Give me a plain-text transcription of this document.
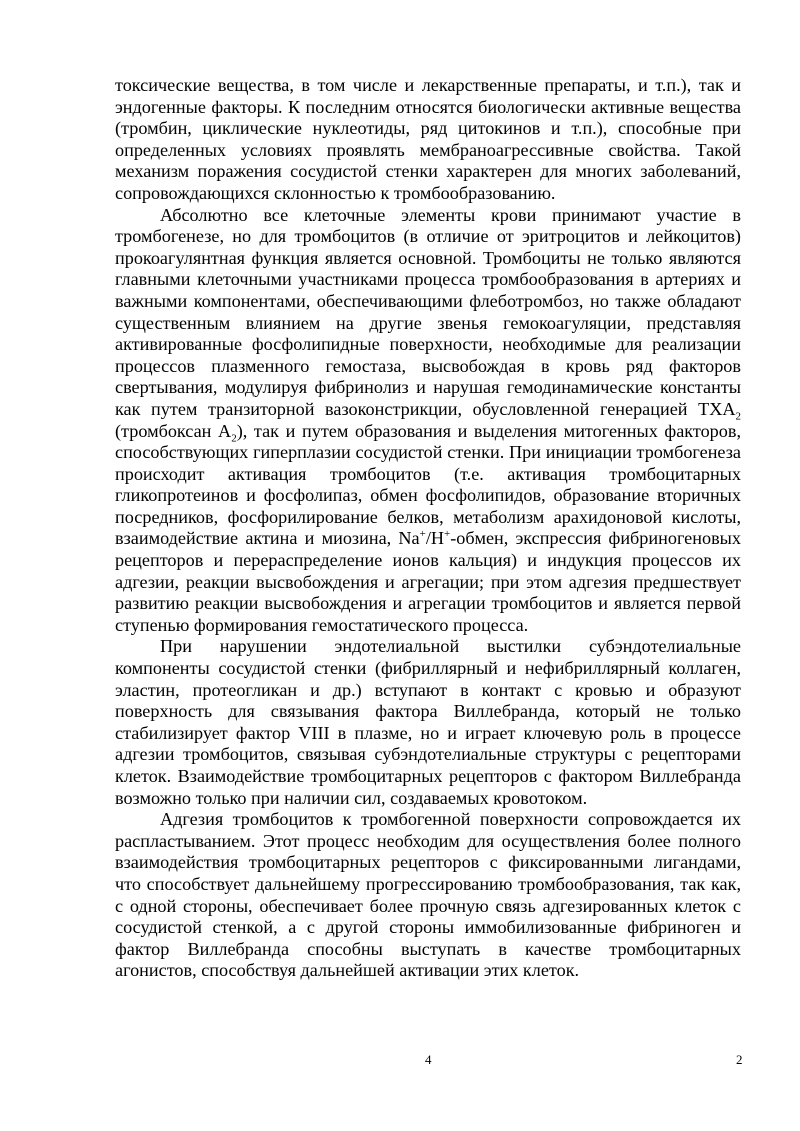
токсические вещества, в том числе и лекарственные препараты, и т.п.), так и эндогенные факторы. К последним относятся биологически активные вещества (тромбин, циклические нуклеотиды, ряд цитокинов и т.п.), способные при определенных условиях проявлять мембраноагрессивные свойства. Такой механизм поражения сосудистой стенки характерен для многих заболеваний, сопровождающихся склонностью к тромбообразованию.

Абсолютно все клеточные элементы крови принимают участие в тромбогенезе, но для тромбоцитов (в отличие от эритроцитов и лейкоцитов) прокоагулянтная функция является основной. Тромбоциты не только являются главными клеточными участниками процесса тромбообразования в артериях и важными компонентами, обеспечивающими флеботромбоз, но также обладают существенным влиянием на другие звенья гемокоагуляции, представляя активированные фосфолипидные поверхности, необходимые для реализации процессов плазменного гемостаза, высвобождая в кровь ряд факторов свертывания, модулируя фибринолиз и нарушая гемодинамические константы как путем транзиторной вазоконстрикции, обусловленной генерацией $ТХА_2$ (тромбоксан $А_2$), так и путем образования и выделения митогенных факторов, способствующих гиперплазии сосудистой стенки. При инициации тромбогенеза происходит активация тромбоцитов (т.е. активация тромбоцитарных гликопротеинов и фосфолипаз, обмен фосфолипидов, образование вторичных посредников, фосфорилирование белков, метаболизм арахидоновой кислоты, взаимодействие актина и миозина, Na+/H+-обмен, экспрессия фибриногеновых рецепторов и перераспределение ионов кальция) и индукция процессов их адгезии, реакции высвобождения и агрегации; при этом адгезия предшествует развитию реакции высвобождения и агрегации тромбоцитов и является первой ступенью формирования гемостатического процесса.

При нарушении эндотелиальной выстилки субэндотелиальные компоненты сосудистой стенки (фибриллярный и нефибриллярный коллаген, эластин, протеогликан и др.) вступают в контакт с кровью и образуют поверхность для связывания фактора Виллебранда, который не только стабилизирует фактор VIII в плазме, но и играет ключевую роль в процессе адгезии тромбоцитов, связывая субэндотелиальные структуры с рецепторами клеток. Взаимодействие тромбоцитарных рецепторов с фактором Виллебранда возможно только при наличии сил, создаваемых кровотоком.

Адгезия тромбоцитов к тромбогенной поверхности сопровождается их распластыванием. Этот процесс необходим для осуществления более полного взаимодействия тромбоцитарных рецепторов с фиксированными лигандами, что способствует дальнейшему прогрессированию тромбообразования, так как, с одной стороны, обеспечивает более прочную связь адгезированных клеток с сосудистой стенкой, а с другой стороны иммобилизованные фибриноген и фактор Виллебранда способны выступать в качестве тромбоцитарных агонистов, способствуя дальнейшей активации этих клеток.

4	2
